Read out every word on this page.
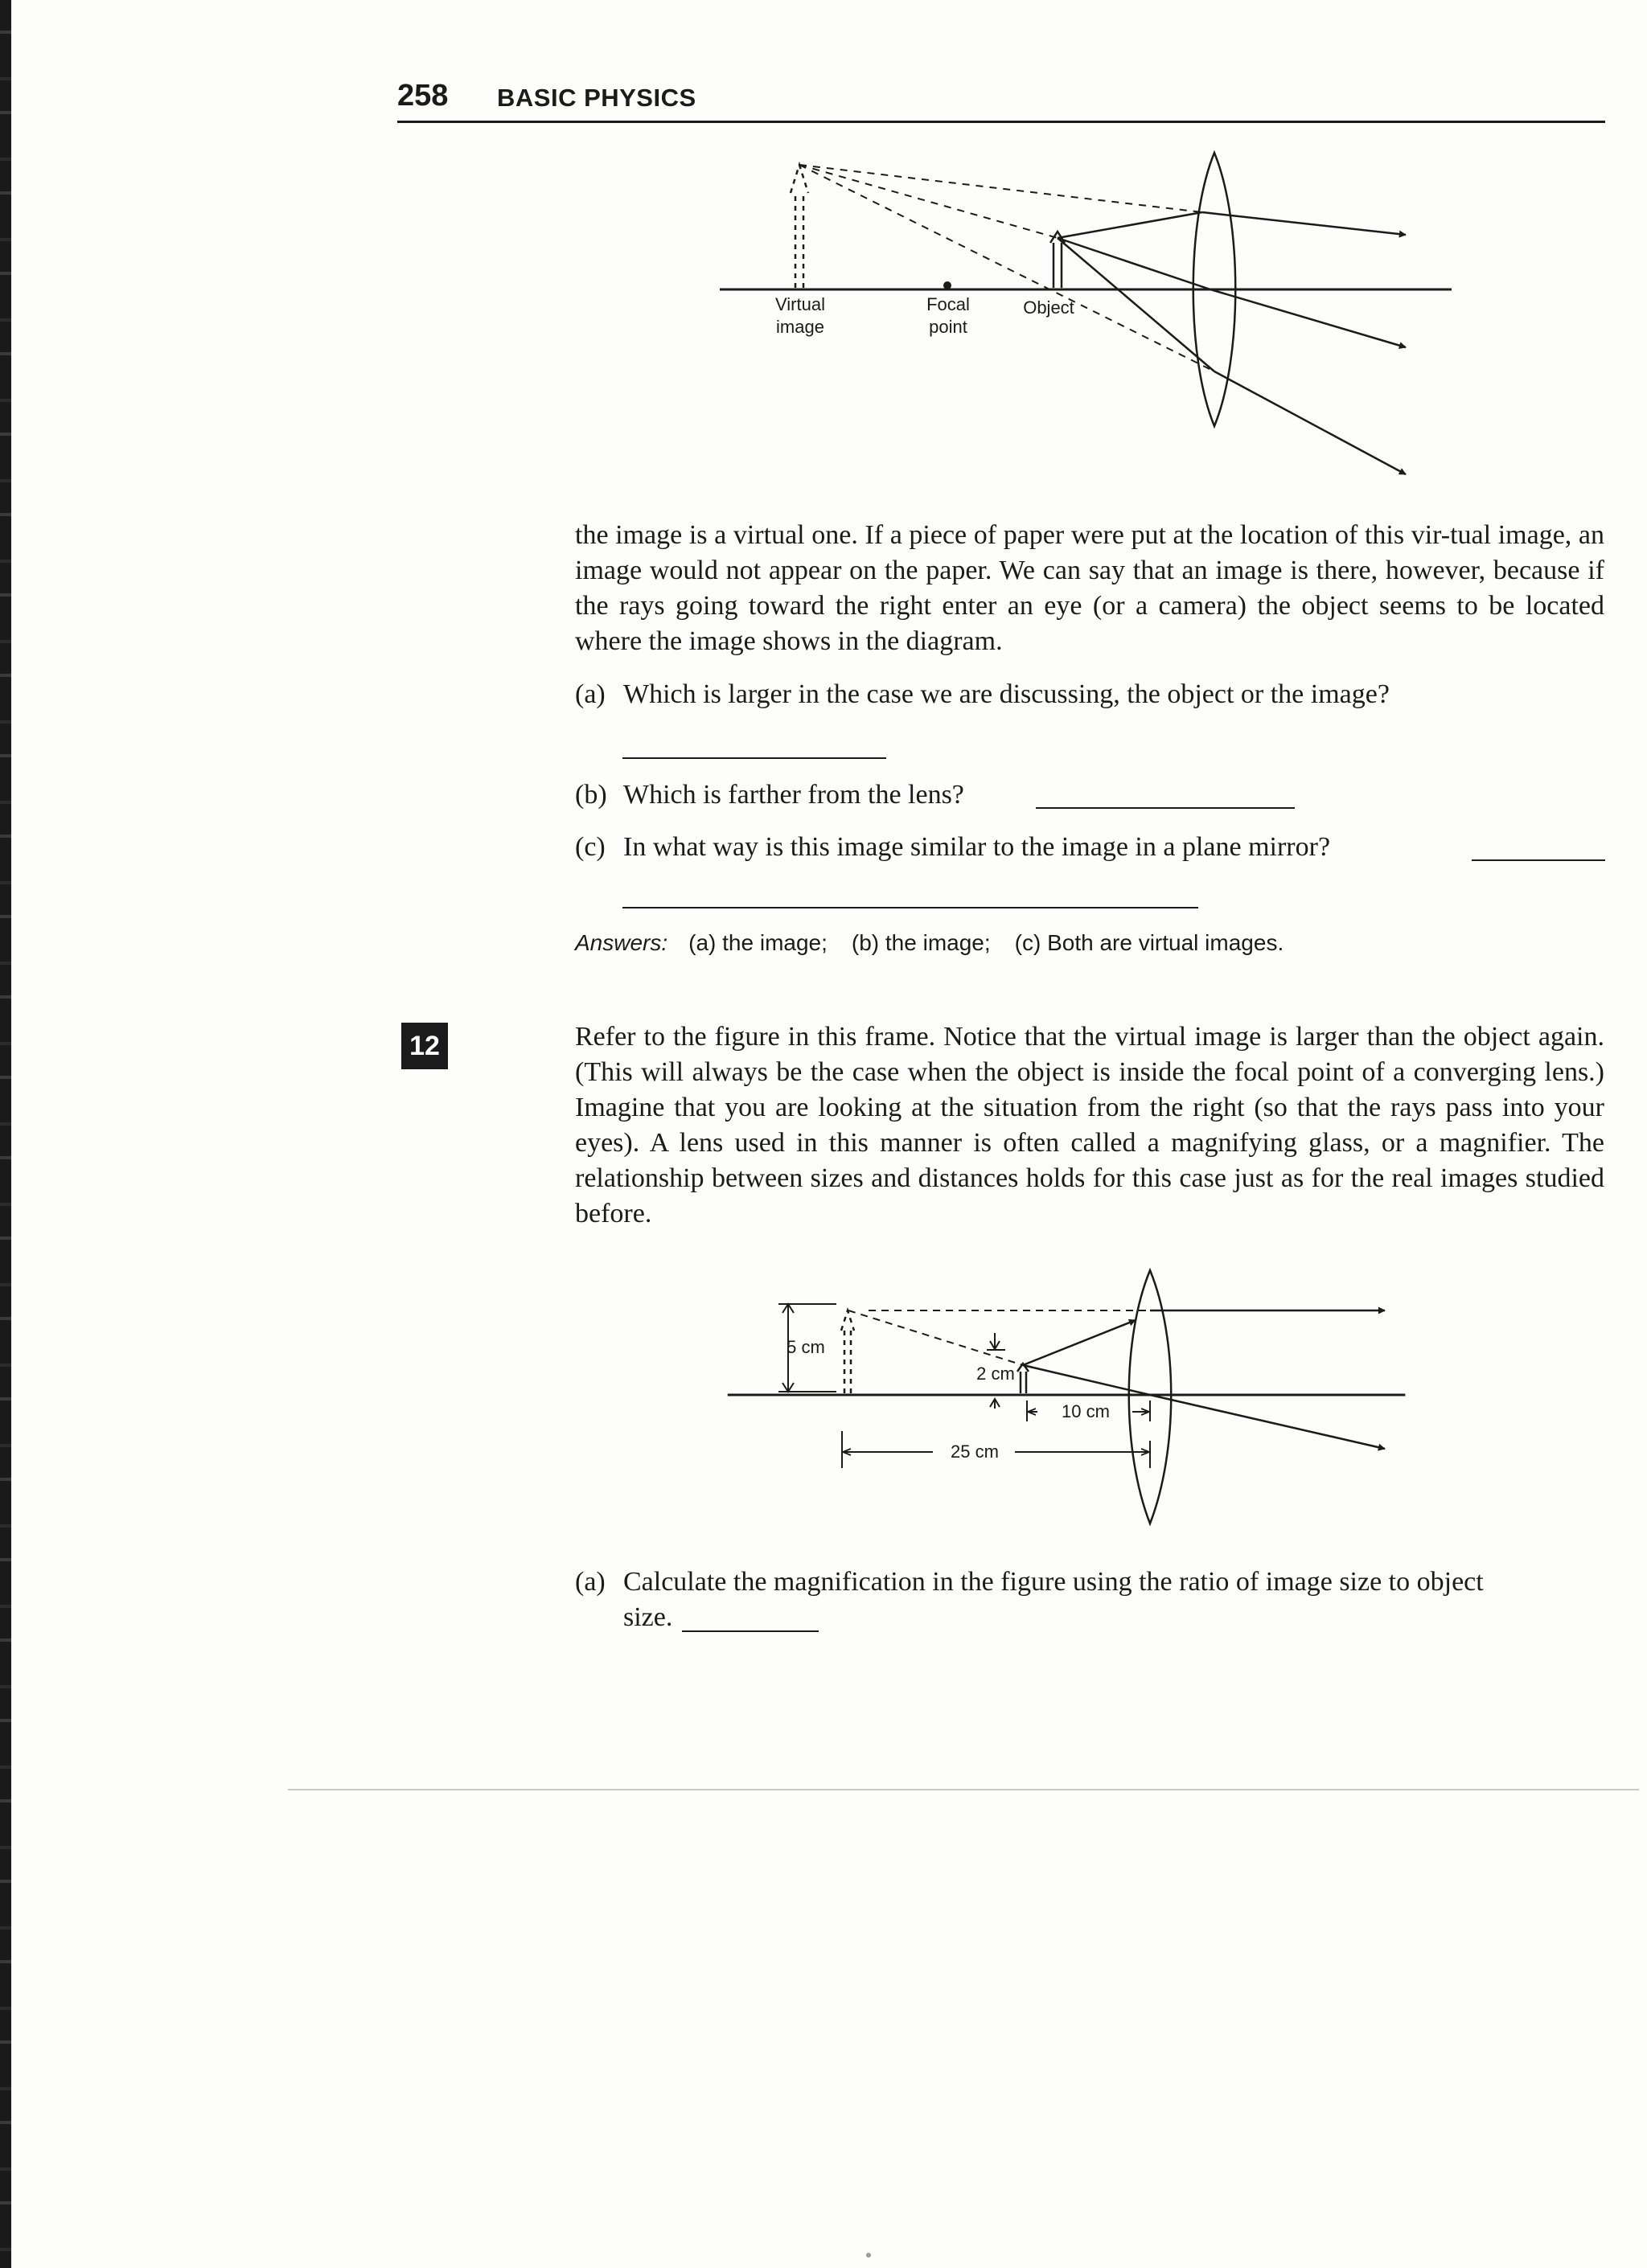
258 BASIC PHYSICS
Virtual
image
Focal
point
Object

the image is a virtual one. If a piece of paper were put at the location of this vir-tual image, an image would not appear on the paper. We can say that an image is there, however, because if the rays going toward the right enter an eye (or a camera) the object seems to be located where the image shows in the diagram.

(a) Which is larger in the case we are discussing, the object or the image?
(b) Which is farther from the lens?
(c) In what way is this image similar to the image in a plane mirror?
Answers: (a) the image; (b) the image; (c) Both are virtual images.
12	Refer to the figure in this frame. Notice that the virtual image is larger than the object again. (This will always be the case when the object is inside the focal point of a converging lens.) Imagine that you are looking at the situation from the right (so that the rays pass into your eyes). A lens used in this manner is often called a magnifying glass, or a magnifier. The relationship between sizes and distances holds for this case just as for the real images studied before.

5 cm
2 cm
10 cm
25 cm
(a) Calculate the magnification in the figure using the ratio of image size to object
size.
